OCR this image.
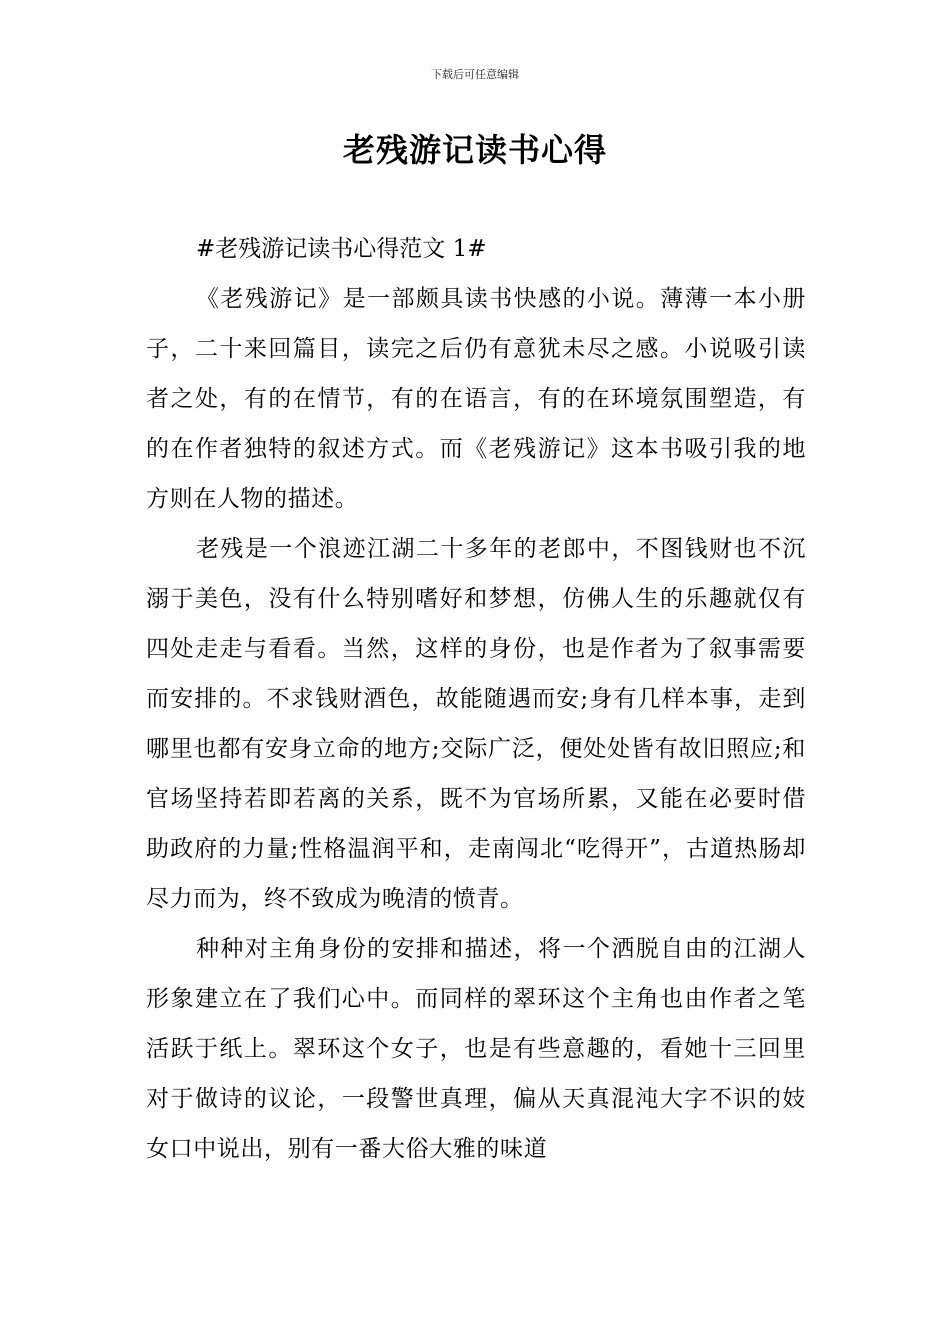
下载后可任意编辑
老残游记读书心得

#老残游记读书心得范文 1#

《老残游记》是一部颇具读书快感的小说。薄薄一本小册子，二十来回篇目，读完之后仍有意犹未尽之感。小说吸引读者之处，有的在情节，有的在语言，有的在环境氛围塑造，有的在作者独特的叙述方式。而《老残游记》这本书吸引我的地方则在人物的描述。

老残是一个浪迹江湖二十多年的老郎中，不图钱财也不沉溺于美色，没有什么特别嗜好和梦想，仿佛人生的乐趣就仅有四处走走与看看。当然，这样的身份，也是作者为了叙事需要而安排的。不求钱财酒色，故能随遇而安;身有几样本事，走到哪里也都有安身立命的地方;交际广泛，便处处皆有故旧照应;和官场坚持若即若离的关系，既不为官场所累，又能在必要时借助政府的力量;性格温润平和，走南闯北“吃得开”，古道热肠却尽力而为，终不致成为晚清的愤青。

种种对主角身份的安排和描述，将一个洒脱自由的江湖人形象建立在了我们心中。而同样的翠环这个主角也由作者之笔活跃于纸上。翠环这个女子，也是有些意趣的，看她十三回里对于做诗的议论，一段警世真理，偏从天真混沌大字不识的妓女口中说出，别有一番大俗大雅的味道
